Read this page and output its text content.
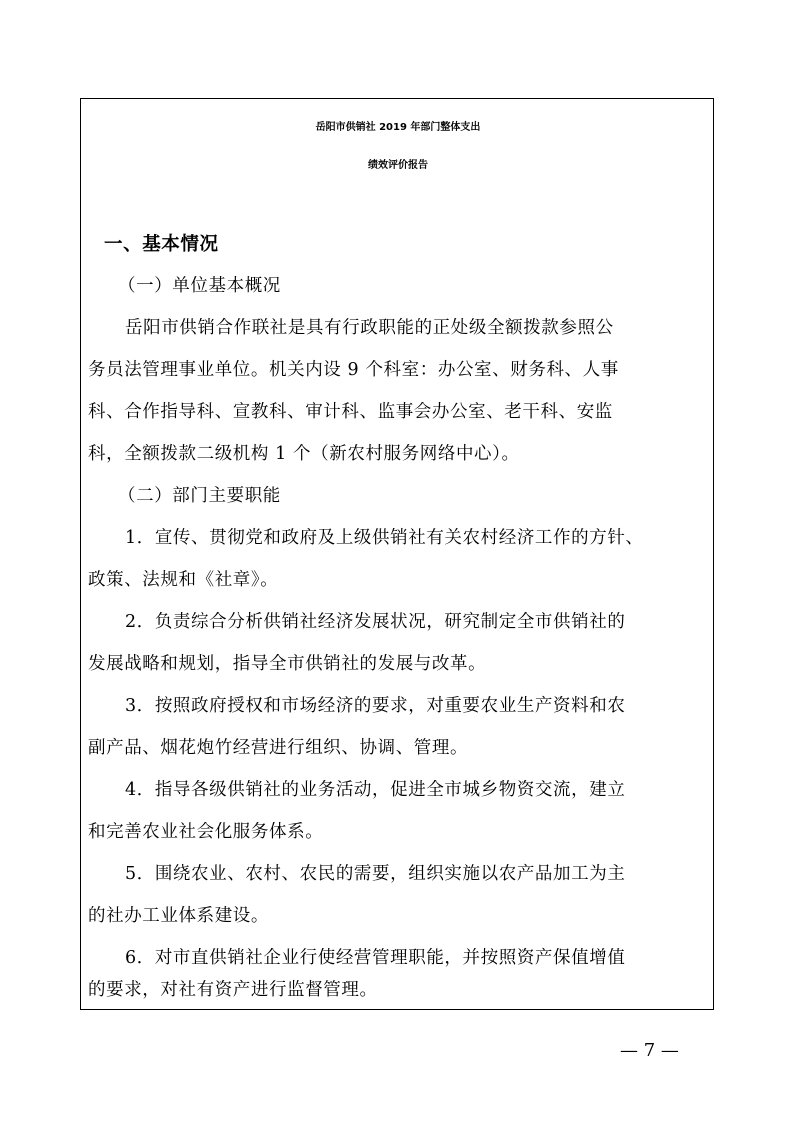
岳阳市供销社 2019 年部门整体支出
绩效评价报告
一、基本情况
（一）单位基本概况
岳阳市供销合作联社是具有行政职能的正处级全额拨款参照公
务员法管理事业单位。机关内设 9 个科室：办公室、财务科、人事
科、合作指导科、宣教科、审计科、监事会办公室、老干科、安监
科，全额拨款二级机构 1 个（新农村服务网络中心）。
（二）部门主要职能
1．宣传、贯彻党和政府及上级供销社有关农村经济工作的方针、
政策、法规和《社章》。
2．负责综合分析供销社经济发展状况，研究制定全市供销社的
发展战略和规划，指导全市供销社的发展与改革。
3．按照政府授权和市场经济的要求，对重要农业生产资料和农
副产品、烟花炮竹经营进行组织、协调、管理。
4．指导各级供销社的业务活动，促进全市城乡物资交流，建立
和完善农业社会化服务体系。
5．围绕农业、农村、农民的需要，组织实施以农产品加工为主
的社办工业体系建设。
6．对市直供销社企业行使经营管理职能，并按照资产保值增值
的要求，对社有资产进行监督管理。
— 7 —
